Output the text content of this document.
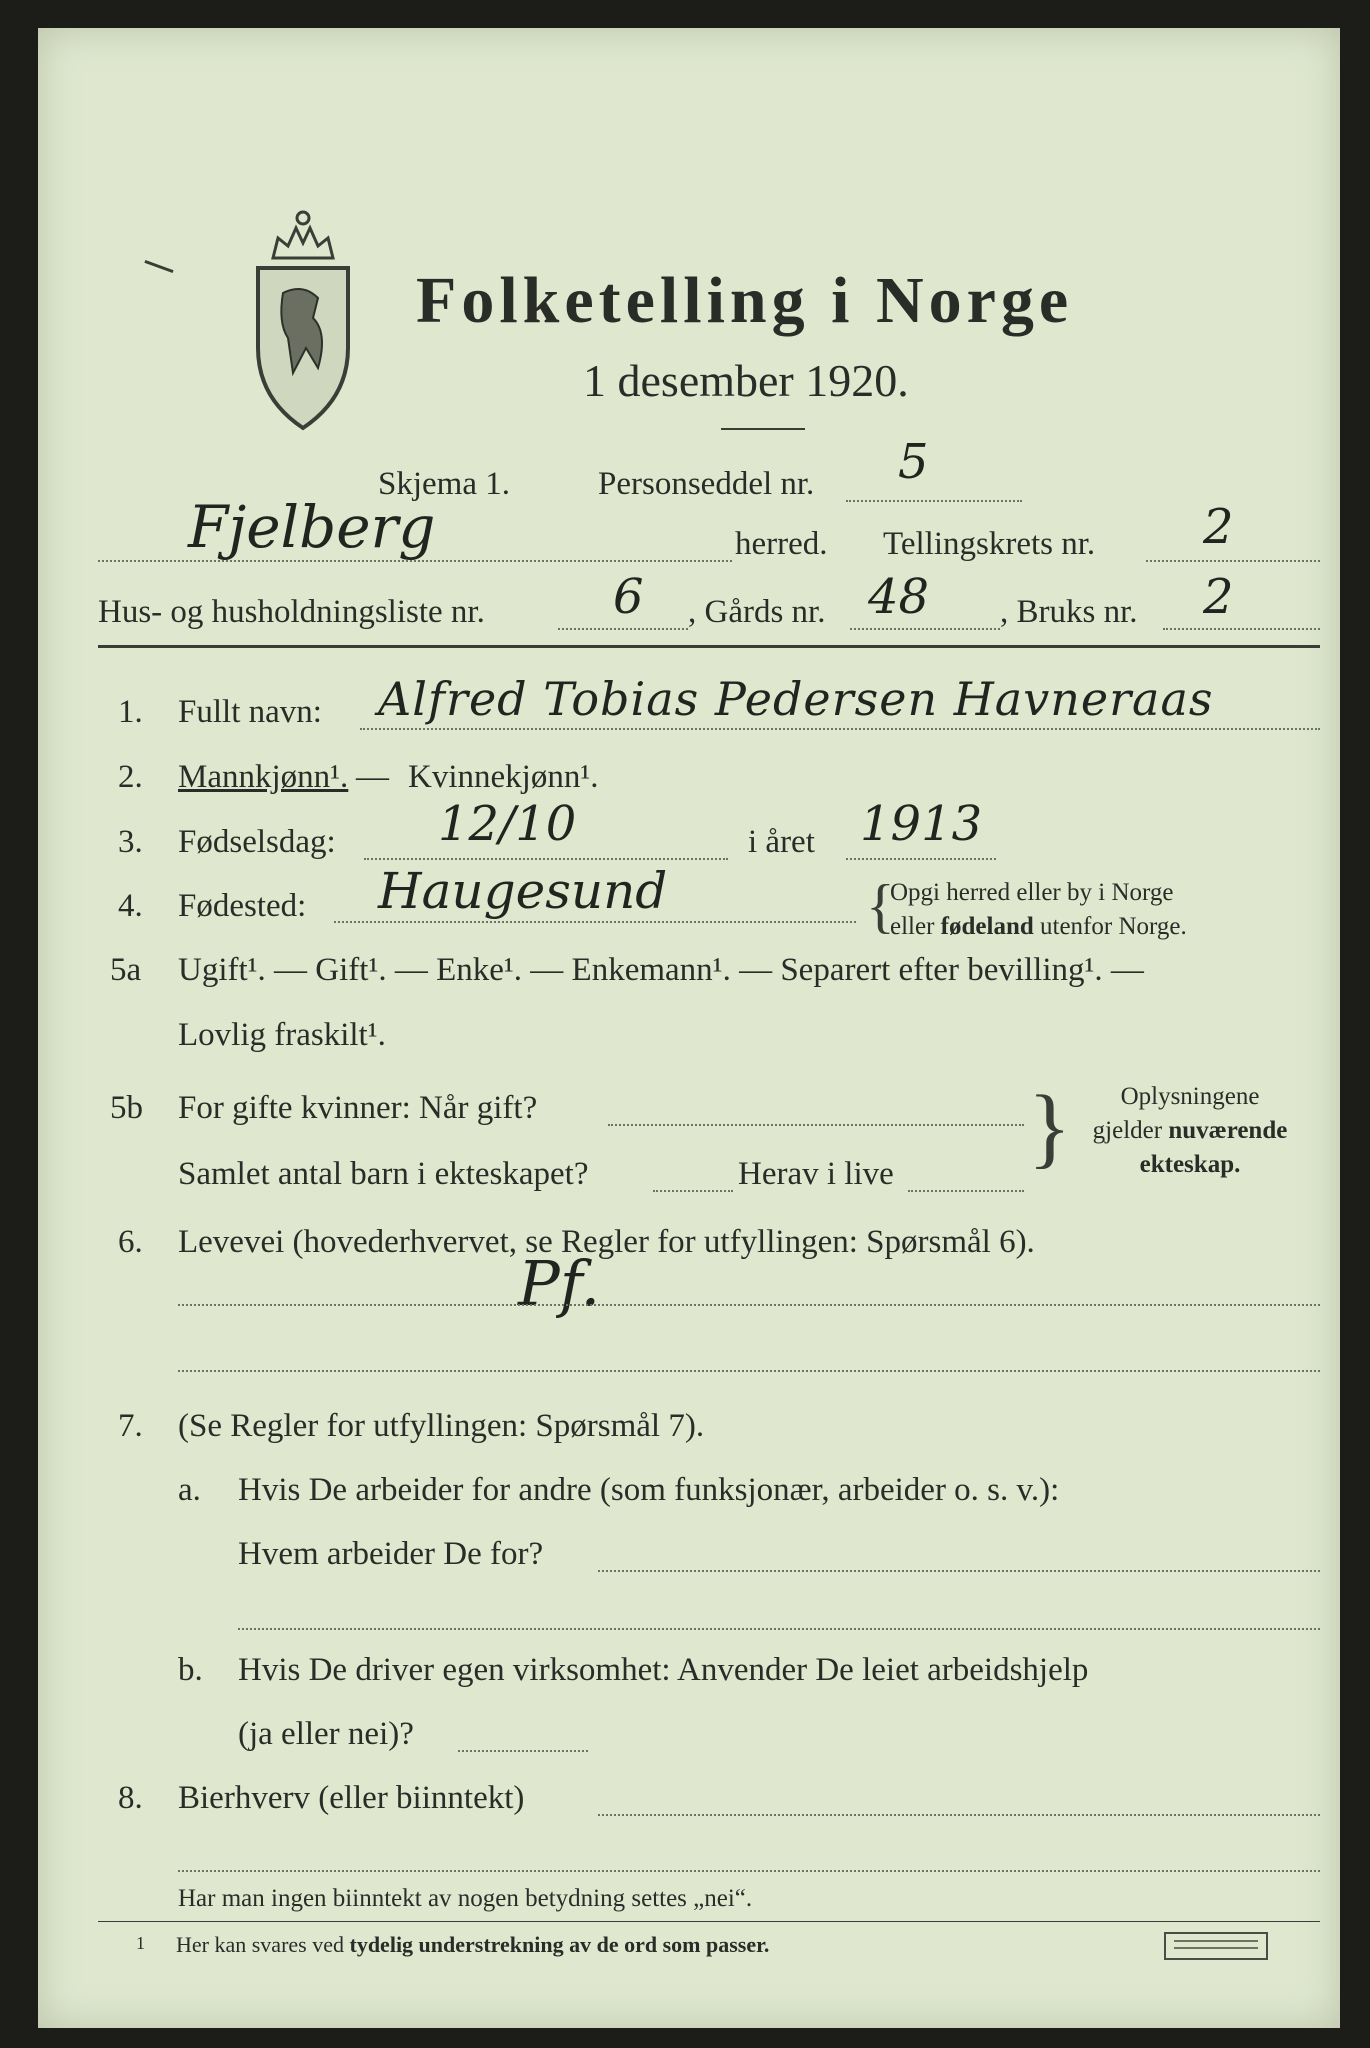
Folketelling i Norge
1 desember 1920.
Skjema 1.	Personseddel nr. 5
Fjelberg	herred. Tellingskrets nr. 2
Hus- og husholdningsliste nr.	6 , Gårds nr. 48 , Bruks nr. 2
1. Fullt navn: Alfred Tobias Pedersen Havneraas
2. Mannkjønn¹. — Kvinnekjønn¹.
3. Fødselsdag: 12/10	i året 1913
4. Fødested: Haugesund	{
Opgi herred eller by i Norge
eller fødeland utenfor Norge.
5a Ugift¹. — Gift¹. — Enke¹. — Enkemann¹. — Separert efter bevilling¹. —
Lovlig fraskilt¹.
5b For gifte kvinner: Når gift?
Samlet antal barn i ekteskapet?	Herav i live }	Oplysningene
gjelder nuværende
ekteskap.
6. Levevei (hovederhvervet, se Regler for utfyllingen: Spørsmål 6).
Pf.
7. (Se Regler for utfyllingen: Spørsmål 7).
a. Hvis De arbeider for andre (som funksjonær, arbeider o. s. v.):
Hvem arbeider De for?
b. Hvis De driver egen virksomhet: Anvender De leiet arbeidshjelp
(ja eller nei)?
8. Bierhverv (eller biinntekt)
Har man ingen biinntekt av nogen betydning settes „nei“.
1 Her kan svares ved tydelig understrekning av de ord som passer.
